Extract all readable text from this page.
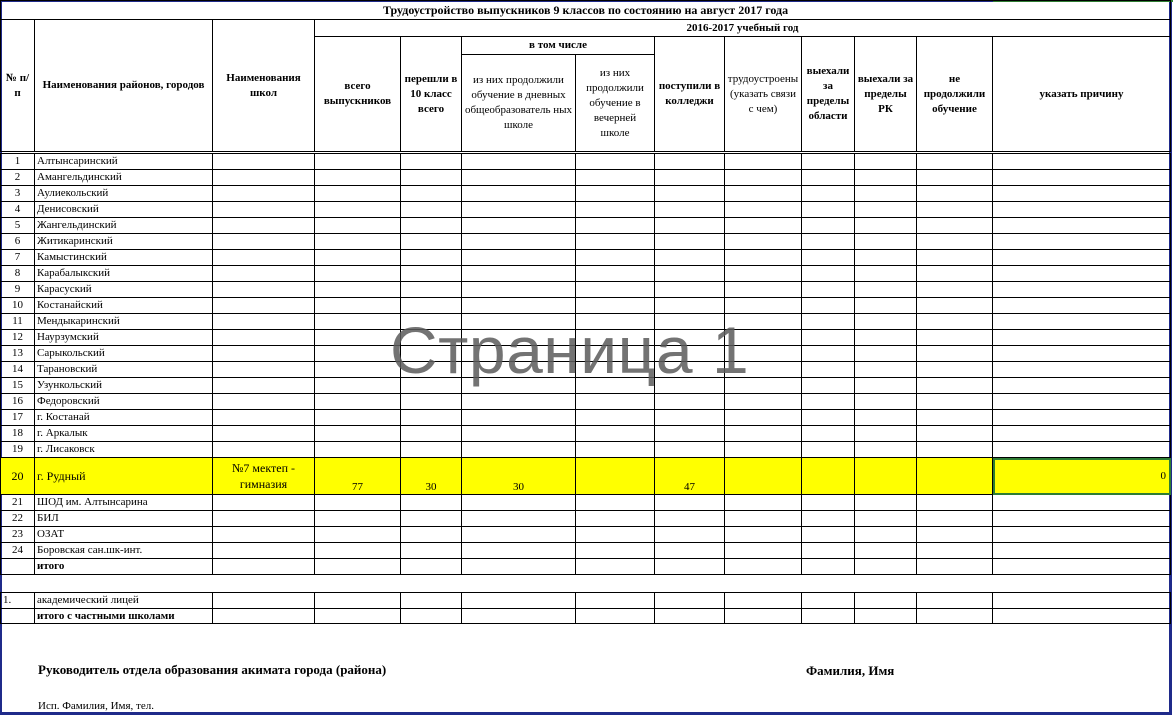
Трудоустройство выпускников 9 классов по состоянию на август 2017 года												
№ п/п	Наименования районов, городов	Наименования школ	2016-2017 учебный год									
			всего выпускников	перешли в 10 класс всего	в том числе		поступили в колледжи	трудоустроены (указать связи с чем)	выехали за пределы области	выехали за пределы РК	не продолжили обучение	указать причину
					из них продолжили обучение в дневных общеобразователь ных школе	из них продолжили обучение в вечерней школе						
1	Алтынсаринский											
2	Амангельдинский											
3	Аулиекольский											
4	Денисовский											
5	Жангельдинский											
6	Житикаринский											
7	Камыстинский											
8	Карабалыкский											
9	Карасуский											
10	Костанайский											
11	Мендыкаринский											
12	Наурзумский											
13	Сарыкольский											
14	Тарановский											
15	Узункольский											
16	Федоровский											
17	г. Костанай											
18	г. Аркалык											
19	г. Лисаковск											
20	г. Рудный	№7 мектеп - гимназия	77	30	30		47					0
21	ШОД им. Алтынсарина											
22	БИЛ											
23	ОЗАТ											
24	Боровская сан.шк-инт.											
	итого											

1.	академический лицей											
	итого с частными школами											
Страница 1
Руководитель отдела образования акимата города (района)	Фамилия, Имя
Исп. Фамилия, Имя, тел.
